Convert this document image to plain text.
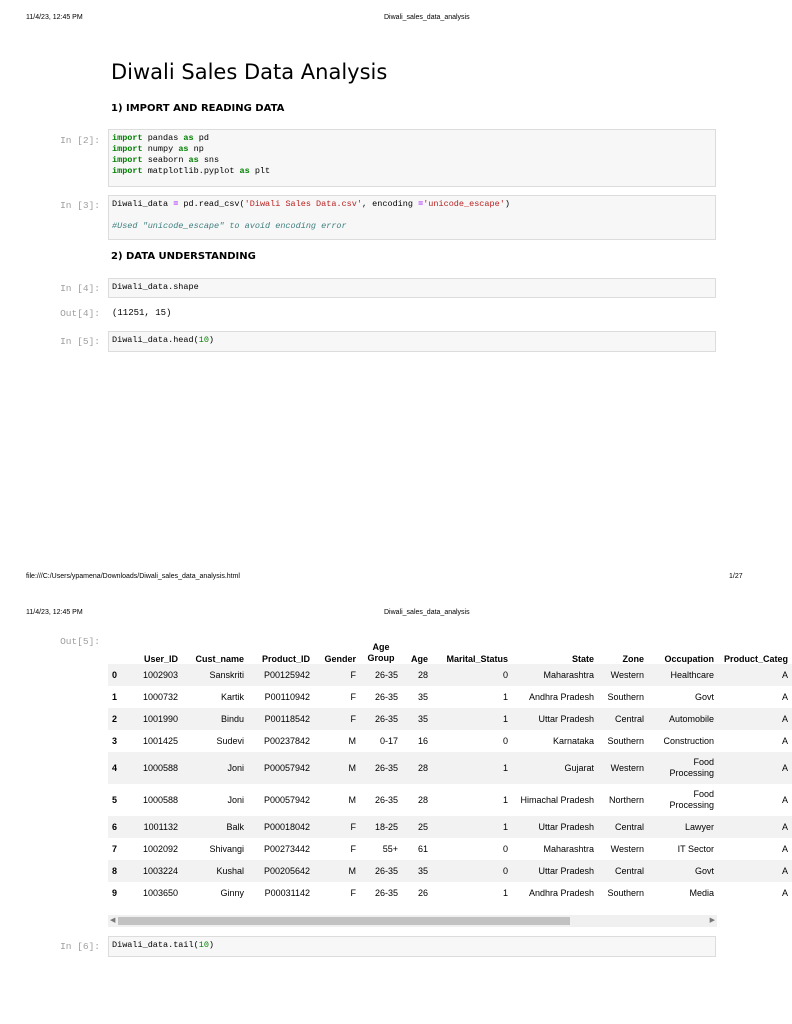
11/4/23, 12:45 PM	Diwali_sales_data_analysis
Diwali Sales Data Analysis
1) IMPORT AND READING DATA
In [2]:	import pandas as pd
import numpy as np
import seaborn as sns
import matplotlib.pyplot as plt
In [3]:	Diwali_data = pd.read_csv('Diwali Sales Data.csv', encoding ='unicode_escape')

#Used "unicode_escape" to avoid encoding error
2) DATA UNDERSTANDING
In [4]:	Diwali_data.shape
Out[4]: (11251, 15)
In [5]:	Diwali_data.head(10)
file:///C:/Users/ypamena/Downloads/Diwali_sales_data_analysis.html	1/27
11/4/23, 12:45 PM	Diwali_sales_data_analysis
Out[5]:
	User_ID	Cust_name	Product_ID	Gender	Age Group	Age	Marital_Status	State	Zone	Occupation	Product_Categ
0	1002903	Sanskriti	P00125942	F	26-35	28	0	Maharashtra	Western	Healthcare	A
1	1000732	Kartik	P00110942	F	26-35	35	1	Andhra Pradesh	Southern	Govt	A
2	1001990	Bindu	P00118542	F	26-35	35	1	Uttar Pradesh	Central	Automobile	A
3	1001425	Sudevi	P00237842	M	0-17	16	0	Karnataka	Southern	Construction	A
4	1000588	Joni	P00057942	M	26-35	28	1	Gujarat	Western	Food Processing	A
5	1000588	Joni	P00057942	M	26-35	28	1	Himachal Pradesh	Northern	Food Processing	A
6	1001132	Balk	P00018042	F	18-25	25	1	Uttar Pradesh	Central	Lawyer	A
7	1002092	Shivangi	P00273442	F	55+	61	0	Maharashtra	Western	IT Sector	A
8	1003224	Kushal	P00205642	M	26-35	35	0	Uttar Pradesh	Central	Govt	A
9	1003650	Ginny	P00031142	F	26-35	26	1	Andhra Pradesh	Southern	Media	A
◀	▶
In [6]:	Diwali_data.tail(10)
